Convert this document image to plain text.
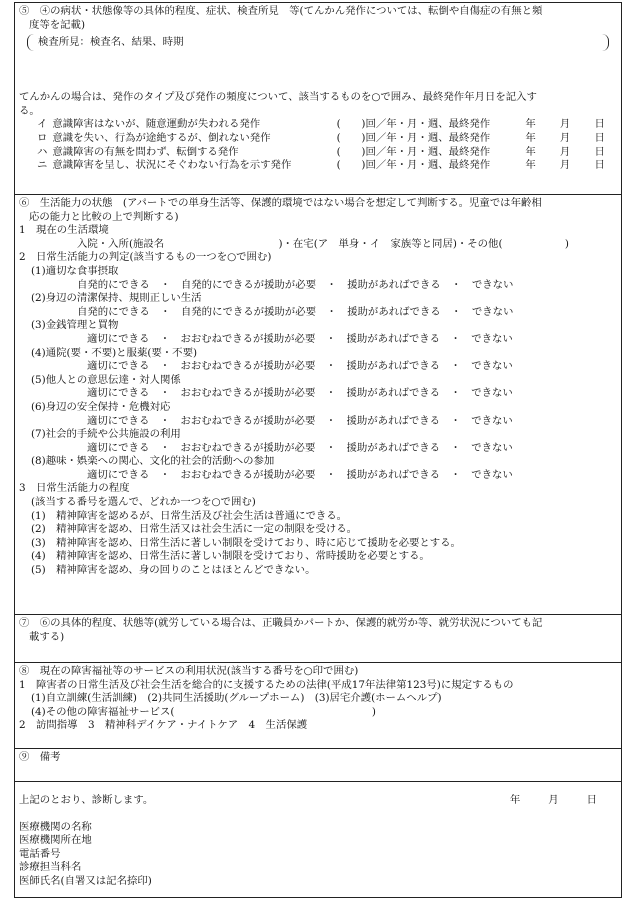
⑤　④の病状・状態像等の具体的程度、症状、検査所見　等(てんかん発作については、転倒や自傷症の有無と頻
度等を記載)
検査所見：検査名、結果、時期
てんかんの場合は、発作のタイプ及び発作の頻度について、該当するものを○で囲み、最終発作年月日を記入す
る。
イ 意識障害はないが、随意運動が失われる発作	(　　)回／年・月・週、最終発作	年	月	日
ロ 意識を失い、行為が途絶するが、倒れない発作	(　　)回／年・月・週、最終発作	年	月	日
ハ 意識障害の有無を問わず、転倒する発作	(　　)回／年・月・週、最終発作	年	月	日
ニ 意識障害を呈し、状況にそぐわない行為を示す発作	(　　)回／年・月・週、最終発作	年	月	日
⑥　生活能力の状態　(アパートでの単身生活等、保護的環境ではない場合を想定して判断する。児童では年齢相
応の能力と比較の上で判断する)
1　現在の生活環境
入院・入所(施設名　　　　　　　　　　　)・在宅(ア　単身・イ　家族等と同居)・その他(　　　　　　)
2　日常生活能力の判定(該当するもの一つを○で囲む)
(1)適切な食事摂取
自発的にできる　・　自発的にできるが援助が必要　・　援助があればできる　・　できない
(2)身辺の清潔保持、規則正しい生活
自発的にできる　・　自発的にできるが援助が必要　・　援助があればできる　・　できない
(3)金銭管理と買物
適切にできる　・　おおむねできるが援助が必要　・　援助があればできる　・　できない
(4)通院(要・不要)と服薬(要・不要)
適切にできる　・　おおむねできるが援助が必要　・　援助があればできる　・　できない
(5)他人との意思伝達・対人関係
適切にできる　・　おおむねできるが援助が必要　・　援助があればできる　・　できない
(6)身辺の安全保持・危機対応
適切にできる　・　おおむねできるが援助が必要　・　援助があればできる　・　できない
(7)社会的手続や公共施設の利用
適切にできる　・　おおむねできるが援助が必要　・　援助があればできる　・　できない
(8)趣味・娯楽への関心、文化的社会的活動への参加
適切にできる　・　おおむねできるが援助が必要　・　援助があればできる　・　できない
3　日常生活能力の程度
(該当する番号を選んで、どれか一つを○で囲む)
(1)　精神障害を認めるが、日常生活及び社会生活は普通にできる。
(2)　精神障害を認め、日常生活又は社会生活に一定の制限を受ける。
(3)　精神障害を認め、日常生活に著しい制限を受けており、時に応じて援助を必要とする。
(4)　精神障害を認め、日常生活に著しい制限を受けており、常時援助を必要とする。
(5)　精神障害を認め、身の回りのことはほとんどできない。
⑦　⑥の具体的程度、状態等(就労している場合は、正職員かパートか、保護的就労か等、就労状況についても記
載する)
⑧　現在の障害福祉等のサービスの利用状況(該当する番号を○印で囲む)
1　障害者の日常生活及び社会生活を総合的に支援するための法律(平成17年法律第123号)に規定するもの
(1)自立訓練(生活訓練)　(2)共同生活援助(グループホーム)　(3)居宅介護(ホームヘルプ)
(4)その他の障害福祉サービス(　　　　　　　　　　　　　　　　　　　)
2　訪問指導　3　精神科デイケア・ナイトケア　4　生活保護
⑨　備考
上記のとおり、診断します。	年	月	日
医療機関の名称
医療機関所在地
電話番号
診療担当科名
医師氏名(自署又は記名捺印)
